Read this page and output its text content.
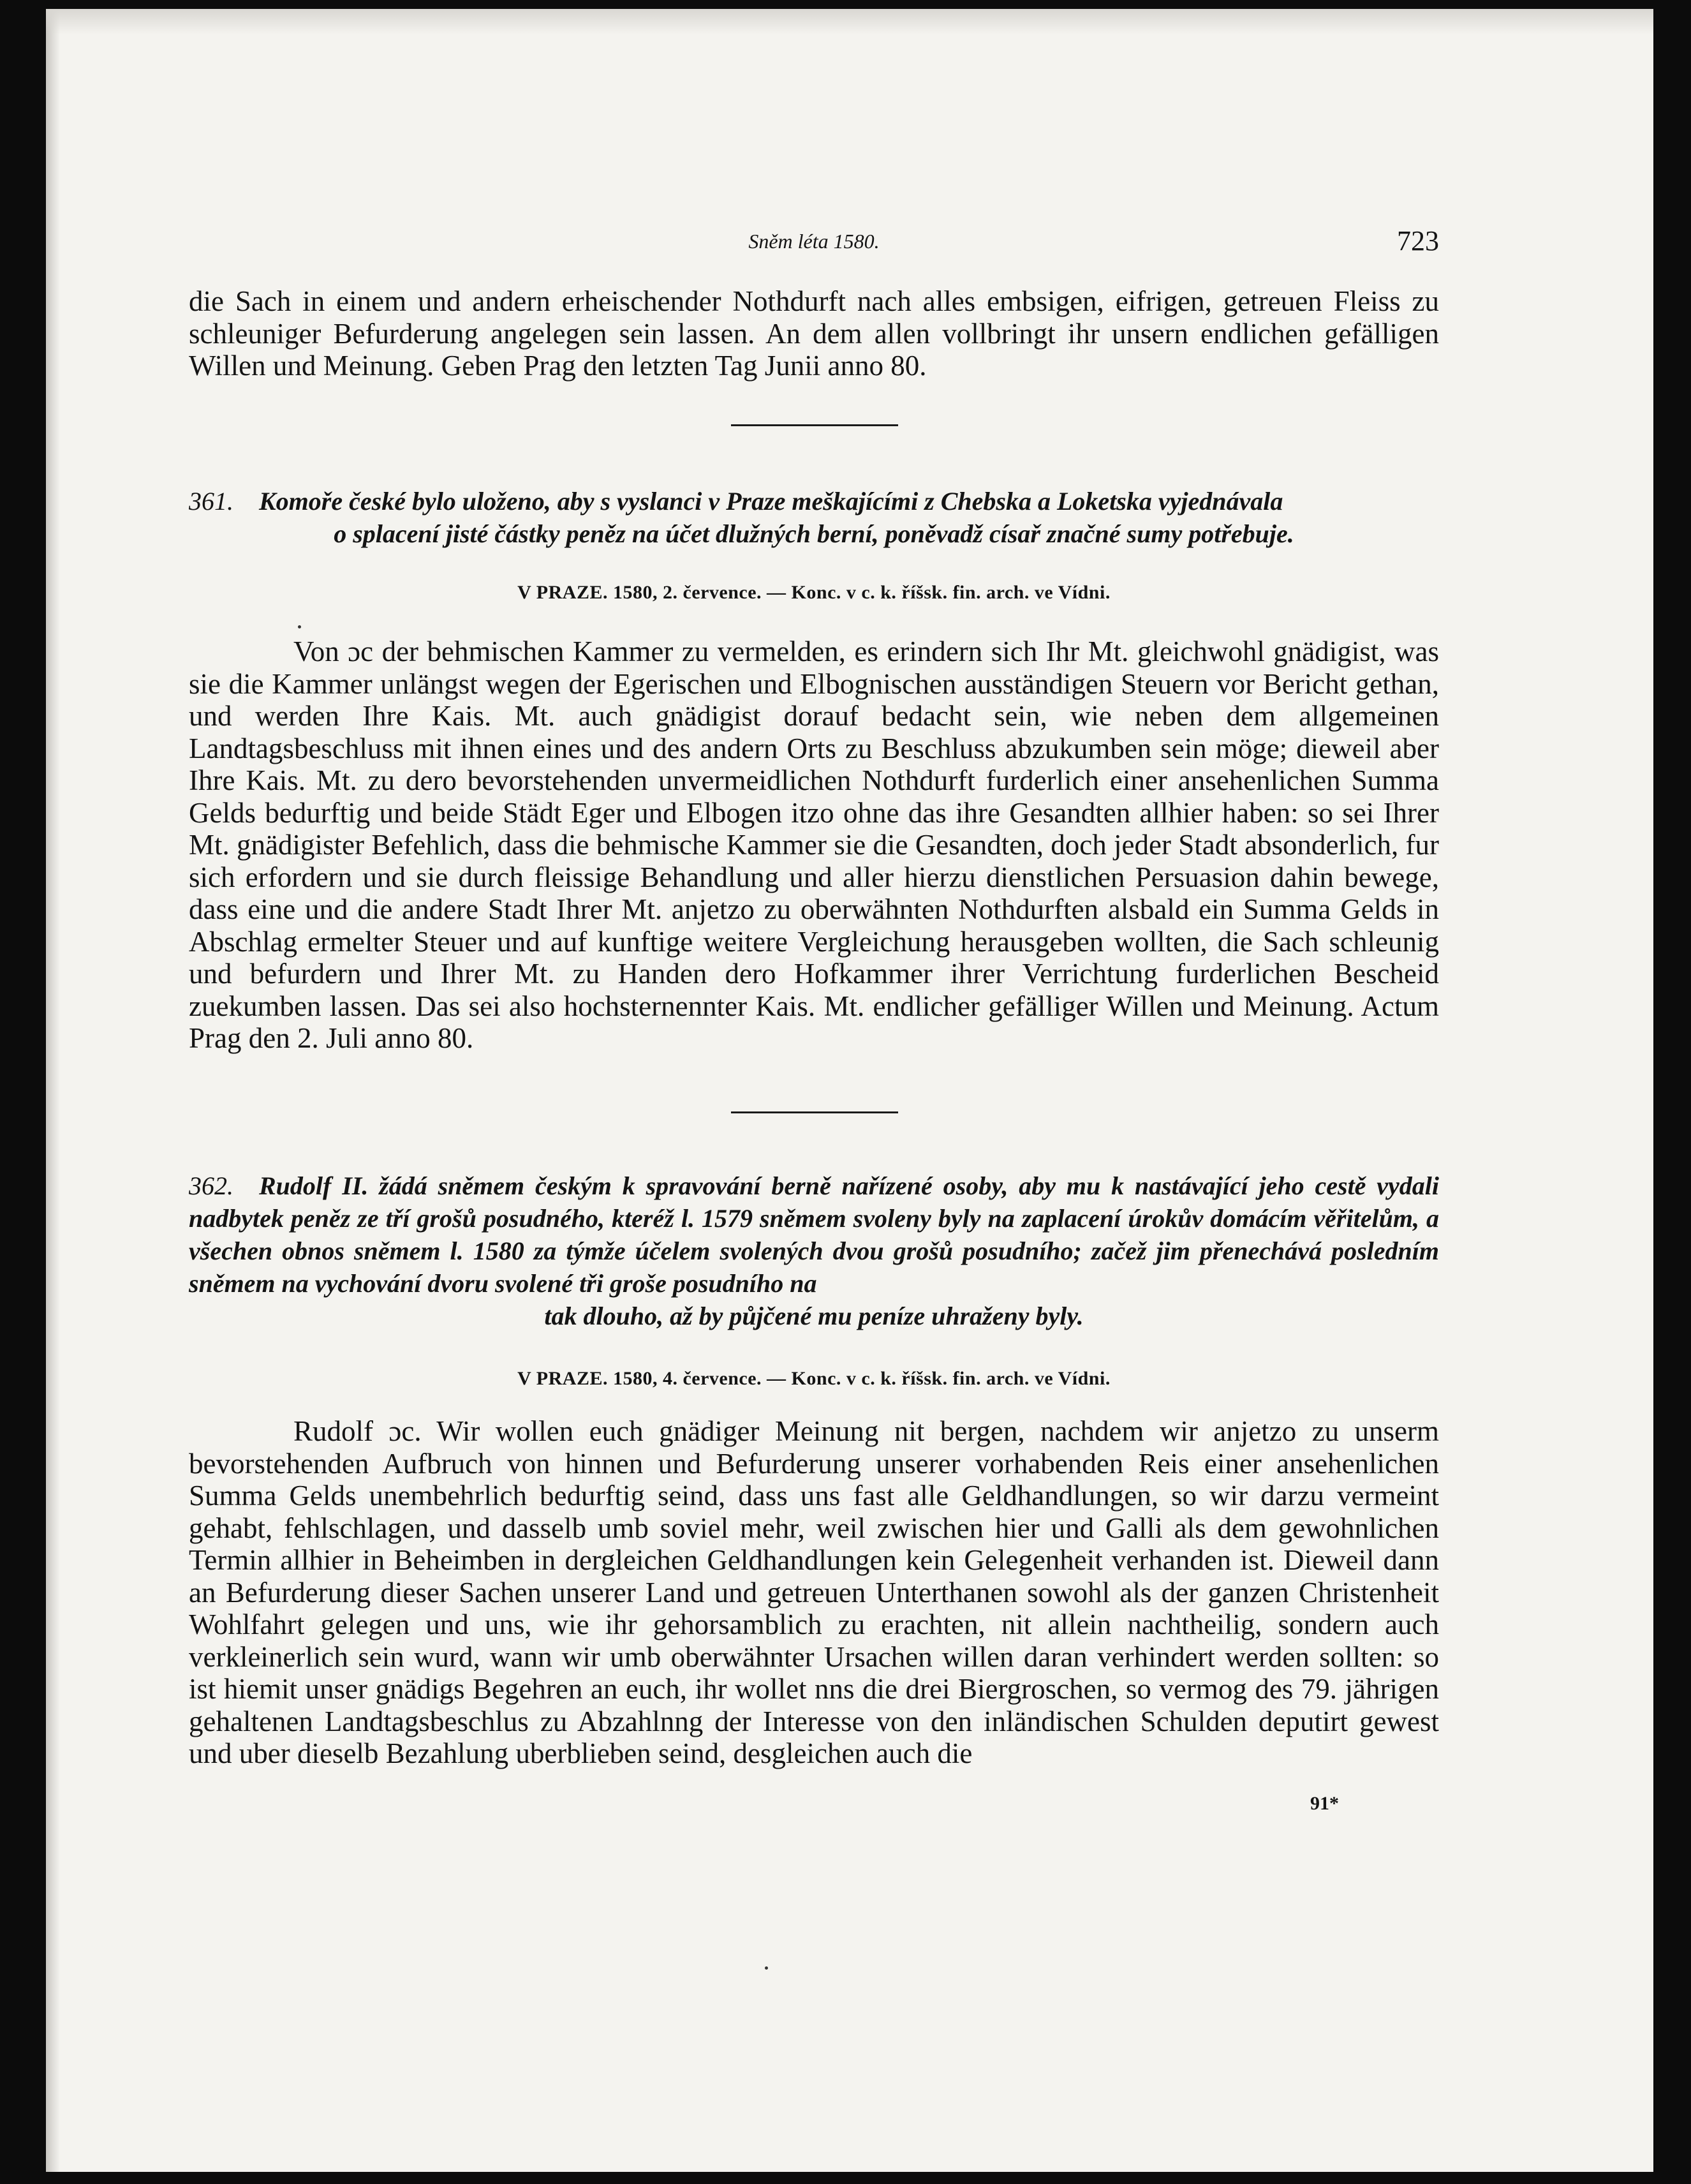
Sněm léta 1580.	723

die Sach in einem und andern erheischender Nothdurft nach alles embsigen, eifrigen, getreuen Fleiss zu schleuniger Befurderung angelegen sein lassen. An dem allen vollbringt ihr unsern endlichen gefälligen Willen und Meinung. Geben Prag den letzten Tag Junii anno 80.

361. Komoře české bylo uloženo, aby s vyslanci v Praze meškajícími z Chebska a Loketska vyjednávala

o splacení jisté částky peněz na účet dlužných berní, poněvadž císař značné sumy potřebuje.

V PRAZE. 1580, 2. července. — Konc. v c. k. říšsk. fin. arch. ve Vídni.

Von ɔc der behmischen Kammer zu vermelden, es erindern sich Ihr Mt. gleichwohl gnädigist, was sie die Kammer unlängst wegen der Egerischen und Elbognischen ausständigen Steuern vor Bericht gethan, und werden Ihre Kais. Mt. auch gnädigist dorauf bedacht sein, wie neben dem allgemeinen Landtagsbeschluss mit ihnen eines und des andern Orts zu Beschluss abzukumben sein möge; dieweil aber Ihre Kais. Mt. zu dero bevorstehenden unvermeidlichen Nothdurft furderlich einer ansehenlichen Summa Gelds bedurftig und beide Städt Eger und Elbogen itzo ohne das ihre Gesandten allhier haben: so sei Ihrer Mt. gnädigister Befehlich, dass die behmische Kammer sie die Gesandten, doch jeder Stadt absonderlich, fur sich erfordern und sie durch fleissige Behandlung und aller hierzu dienstlichen Persuasion dahin bewege, dass eine und die andere Stadt Ihrer Mt. anjetzo zu oberwähnten Nothdurften alsbald ein Summa Gelds in Abschlag ermelter Steuer und auf kunftige weitere Vergleichung herausgeben wollten, die Sach schleunig und befurdern und Ihrer Mt. zu Handen dero Hofkammer ihrer Verrichtung furderlichen Bescheid zuekumben lassen. Das sei also hochsternennter Kais. Mt. endlicher gefälliger Willen und Meinung. Actum Prag den 2. Juli anno 80.

362. Rudolf II. žádá sněmem českým k spravování berně nařízené osoby, aby mu k nastávající jeho cestě vydali nadbytek peněz ze tří grošů posudného, kteréž l. 1579 sněmem svoleny byly na zaplacení úrokův domácím věřitelům, a všechen obnos sněmem l. 1580 za týmže účelem svolených dvou grošů posudního; začež jim přenechává posledním sněmem na vychování dvoru svolené tři groše posudního na

tak dlouho, až by půjčené mu peníze uhraženy byly.

V PRAZE. 1580, 4. července. — Konc. v c. k. říšsk. fin. arch. ve Vídni.

Rudolf ɔc. Wir wollen euch gnädiger Meinung nit bergen, nachdem wir anjetzo zu unserm bevorstehenden Aufbruch von hinnen und Befurderung unserer vorhabenden Reis einer ansehenlichen Summa Gelds unembehrlich bedurftig seind, dass uns fast alle Geldhandlungen, so wir darzu vermeint gehabt, fehlschlagen, und dasselb umb soviel mehr, weil zwischen hier und Galli als dem gewohnlichen Termin allhier in Beheimben in dergleichen Geldhandlungen kein Gelegenheit verhanden ist. Dieweil dann an Befurderung dieser Sachen unserer Land und getreuen Unterthanen sowohl als der ganzen Christenheit Wohlfahrt gelegen und uns, wie ihr gehorsamblich zu erachten, nit allein nachtheilig, sondern auch verkleinerlich sein wurd, wann wir umb oberwähnter Ursachen willen daran verhindert werden sollten: so ist hiemit unser gnädigs Begehren an euch, ihr wollet nns die drei Biergroschen, so vermog des 79. jährigen gehaltenen Landtagsbeschlus zu Abzahlnng der Interesse von den inländischen Schulden deputirt gewest und uber dieselb Bezahlung uberblieben seind, desgleichen auch die

91*
